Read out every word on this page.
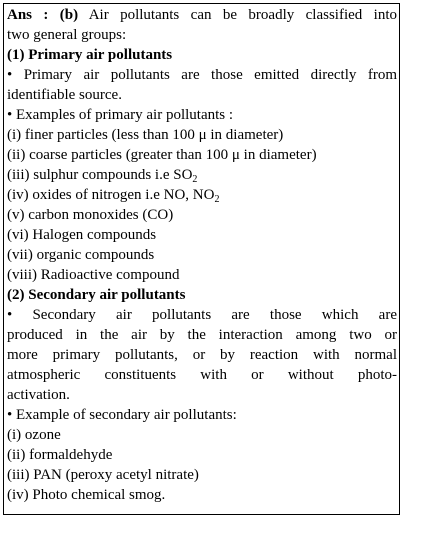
Ans : (b) Air pollutants can be broadly classified into
two general groups:
(1) Primary air pollutants
• Primary air pollutants are those emitted directly from
identifiable source.
• Examples of primary air pollutants :
(i) finer particles (less than 100 μ in diameter)
(ii) coarse particles (greater than 100 μ in diameter)
(iii) sulphur compounds i.e $SO_2$
(iv) oxides of nitrogen i.e NO, $NO_2$
(v) carbon monoxides (CO)
(vi) Halogen compounds
(vii) organic compounds
(viii) Radioactive compound
(2) Secondary air pollutants
• Secondary air pollutants are those which are
produced in the air by the interaction among two or
more primary pollutants, or by reaction with normal
atmospheric constituents with or without photo-
activation.
• Example of secondary air pollutants:
(i) ozone
(ii) formaldehyde
(iii) PAN (peroxy acetyl nitrate)
(iv) Photo chemical smog.
